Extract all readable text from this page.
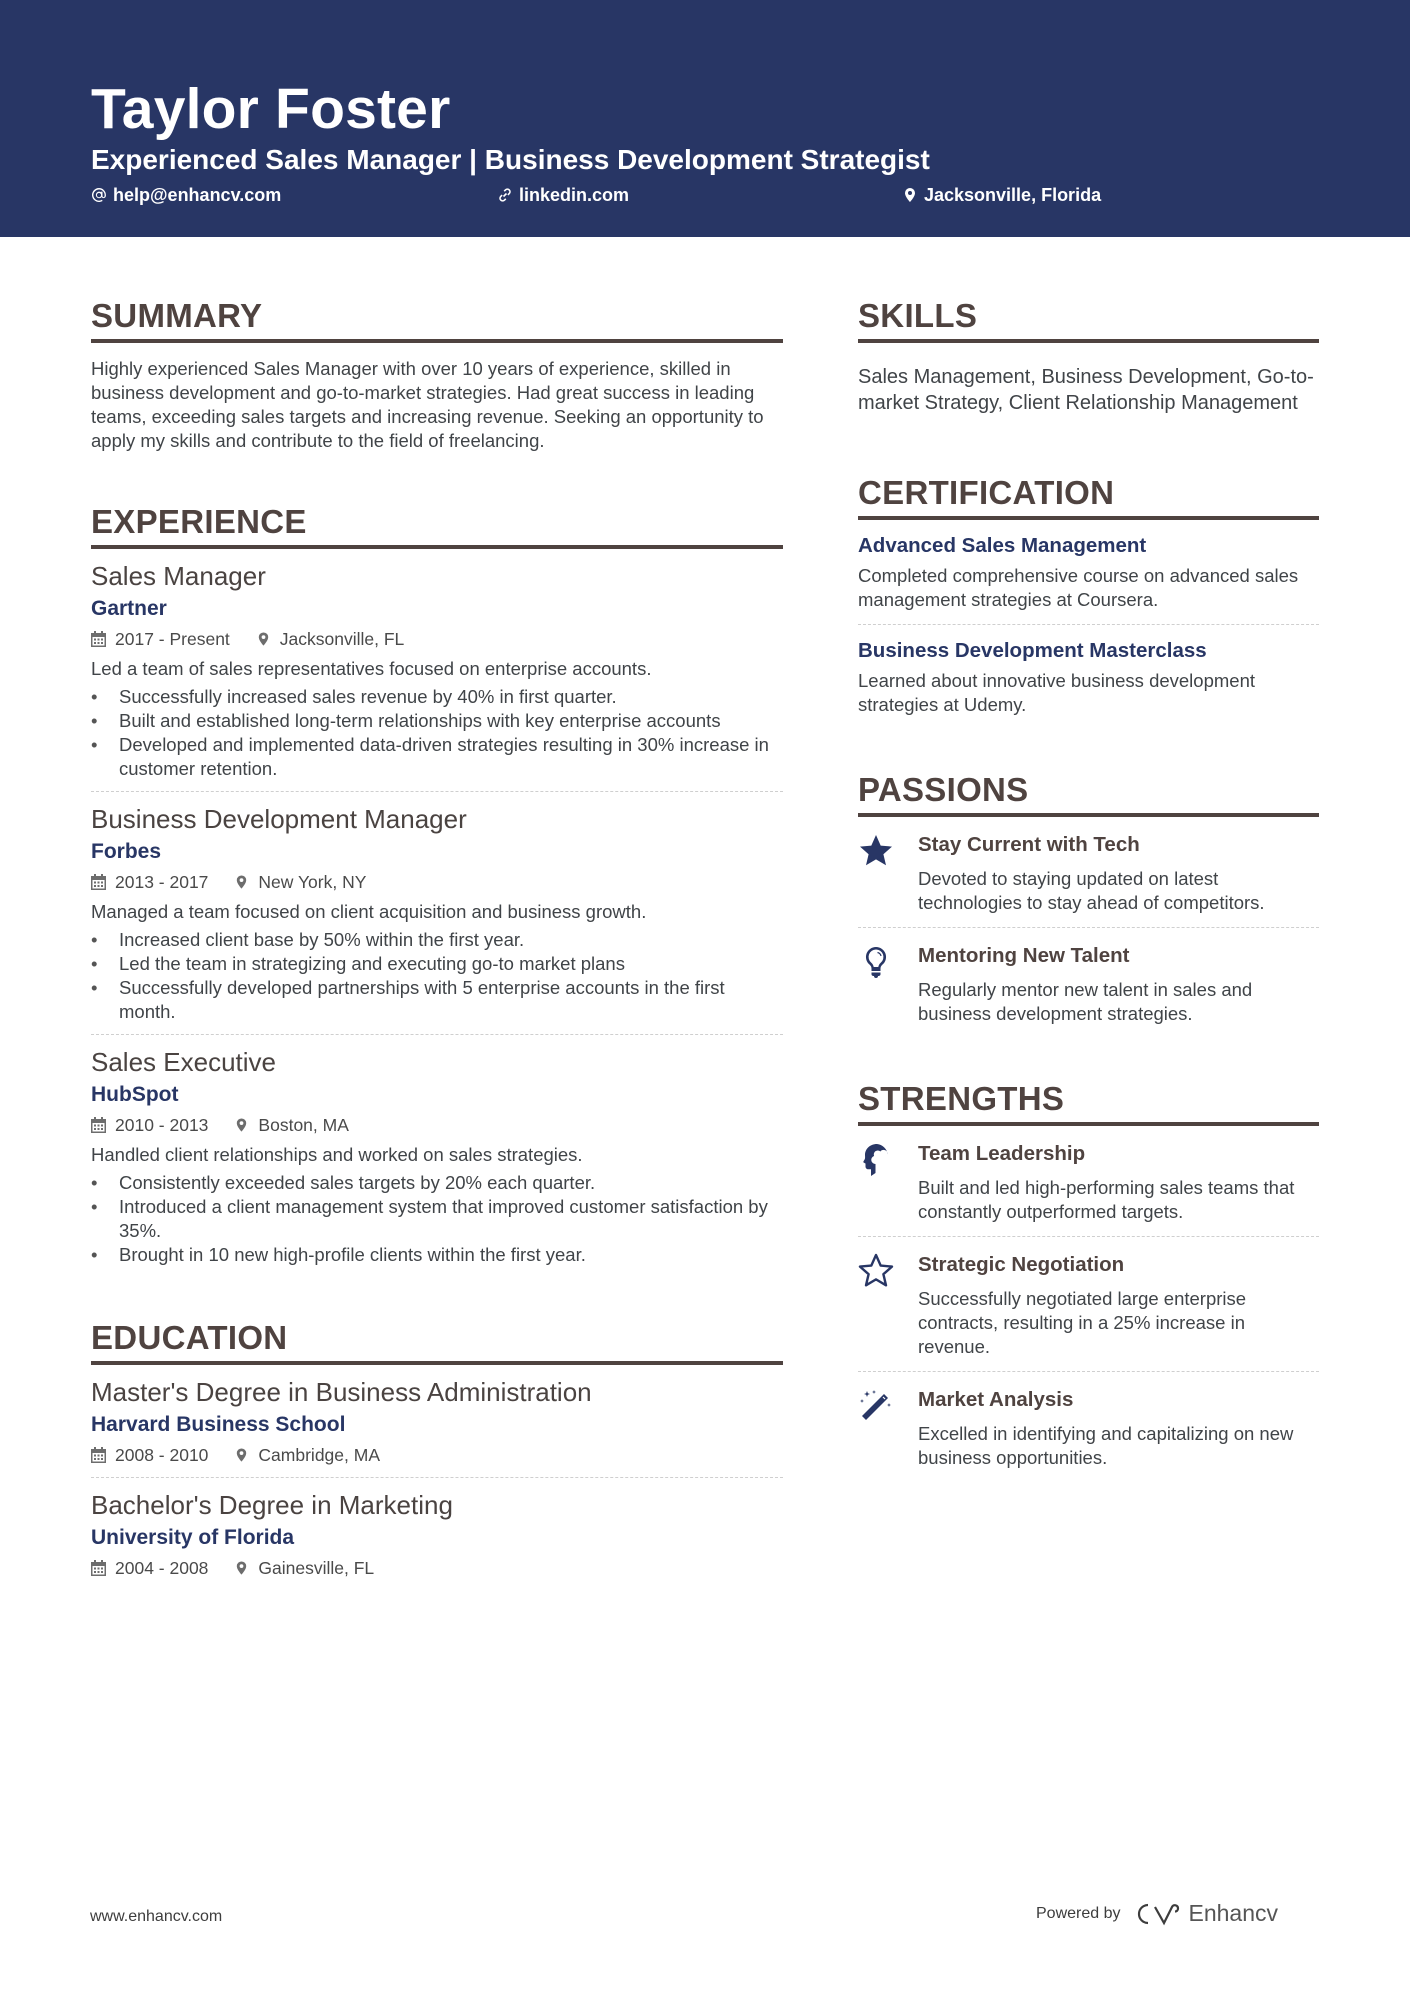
Taylor Foster
Experienced Sales Manager | Business Development Strategist
help@enhancv.com	linkedin.com	Jacksonville, Florida
SUMMARY
Highly experienced Sales Manager with over 10 years of experience, skilled in business development and go-to-market strategies. Had great success in leading teams, exceeding sales targets and increasing revenue. Seeking an opportunity to apply my skills and contribute to the field of freelancing.
EXPERIENCE
Sales Manager
Gartner
2017 - Present	Jacksonville, FL
Led a team of sales representatives focused on enterprise accounts.
• Successfully increased sales revenue by 40% in first quarter.
• Built and established long-term relationships with key enterprise accounts
• Developed and implemented data-driven strategies resulting in 30% increase in customer retention.
Business Development Manager
Forbes
2013 - 2017	New York, NY
Managed a team focused on client acquisition and business growth.
• Increased client base by 50% within the first year.
• Led the team in strategizing and executing go-to market plans
• Successfully developed partnerships with 5 enterprise accounts in the first month.
Sales Executive
HubSpot
2010 - 2013	Boston, MA
Handled client relationships and worked on sales strategies.
• Consistently exceeded sales targets by 20% each quarter.
• Introduced a client management system that improved customer satisfaction by 35%.
• Brought in 10 new high-profile clients within the first year.
EDUCATION
Master's Degree in Business Administration
Harvard Business School
2008 - 2010	Cambridge, MA
Bachelor's Degree in Marketing
University of Florida
2004 - 2008	Gainesville, FL
SKILLS
Sales Management, Business Development, Go-to-market Strategy, Client Relationship Management
CERTIFICATION
Advanced Sales Management
Completed comprehensive course on advanced sales management strategies at Coursera.
Business Development Masterclass
Learned about innovative business development strategies at Udemy.
PASSIONS
Stay Current with Tech
Devoted to staying updated on latest technologies to stay ahead of competitors.
Mentoring New Talent
Regularly mentor new talent in sales and business development strategies.
STRENGTHS
Team Leadership
Built and led high-performing sales teams that constantly outperformed targets.
Strategic Negotiation
Successfully negotiated large enterprise contracts, resulting in a 25% increase in revenue.
Market Analysis
Excelled in identifying and capitalizing on new business opportunities.
www.enhancv.com	Powered by	Enhancv
